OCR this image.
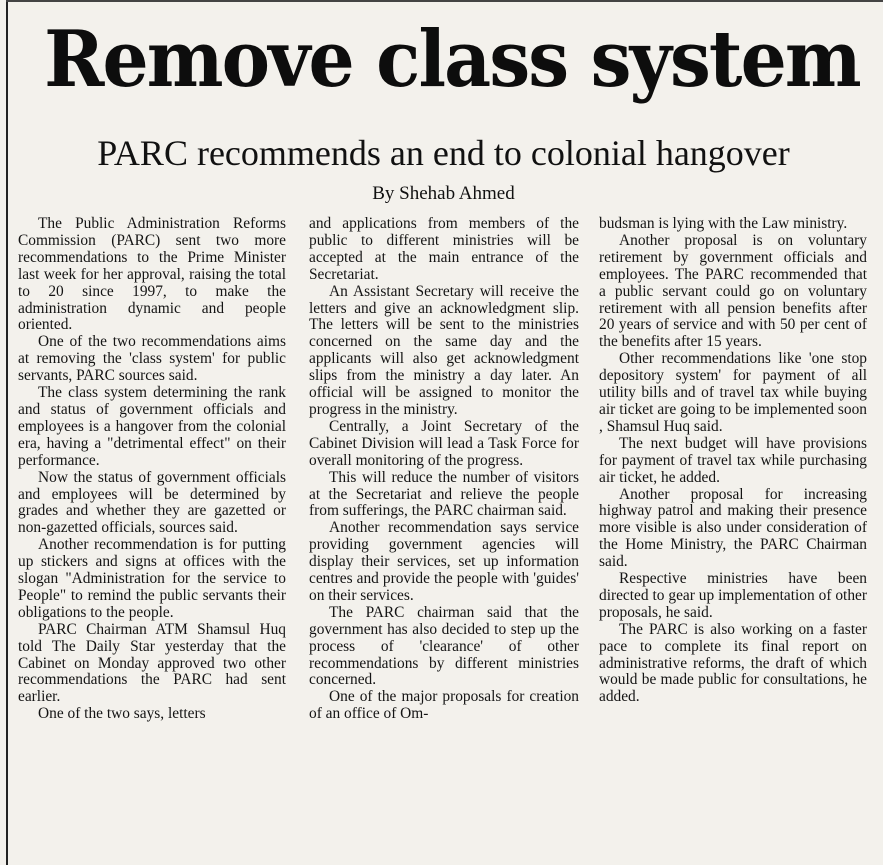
Remove class system
PARC recommends an end to colonial hangover
By Shehab Ahmed

The Public Administration Reforms Commission (PARC) sent two more recommendations to the Prime Minister last week for her approval, raising the total to 20 since 1997, to make the administration dynamic and people oriented.

One of the two recommendations aims at removing the 'class system' for public servants, PARC sources said.

The class system determining the rank and status of government officials and employees is a hangover from the colonial era, having a "detrimental effect" on their performance.

Now the status of government officials and employees will be determined by grades and whether they are gazetted or non-gazetted officials, sources said.

Another recommendation is for putting up stickers and signs at offices with the slogan "Administration for the service to People" to remind the public servants their obligations to the people.

PARC Chairman ATM Shamsul Huq told The Daily Star yesterday that the Cabinet on Monday approved two other recommendations the PARC had sent earlier.

One of the two says, letters

and applications from members of the public to different ministries will be accepted at the main entrance of the Secretariat.

An Assistant Secretary will receive the letters and give an acknowledgment slip. The letters will be sent to the ministries concerned on the same day and the applicants will also get acknowledgment slips from the ministry a day later. An official will be assigned to monitor the progress in the ministry.

Centrally, a Joint Secretary of the Cabinet Division will lead a Task Force for overall monitoring of the progress.

This will reduce the number of visitors at the Secretariat and relieve the people from sufferings, the PARC chairman said.

Another recommendation says service providing government agencies will display their services, set up information centres and provide the people with 'guides' on their services.

The PARC chairman said that the government has also decided to step up the process of 'clearance' of other recommendations by different ministries concerned.

One of the major proposals for creation of an office of Om-

budsman is lying with the Law ministry.

Another proposal is on voluntary retirement by government officials and employees. The PARC recommended that a public servant could go on voluntary retirement with all pension benefits after 20 years of service and with 50 per cent of the benefits after 15 years.

Other recommendations like 'one stop depository system' for payment of all utility bills and of travel tax while buying air ticket are going to be implemented soon , Shamsul Huq said.

The next budget will have provisions for payment of travel tax while purchasing air ticket, he added.

Another proposal for increasing highway patrol and making their presence more visible is also under consideration of the Home Ministry, the PARC Chairman said.

Respective ministries have been directed to gear up implementation of other proposals, he said.

The PARC is also working on a faster pace to complete its final report on administrative reforms, the draft of which would be made public for consultations, he added.
